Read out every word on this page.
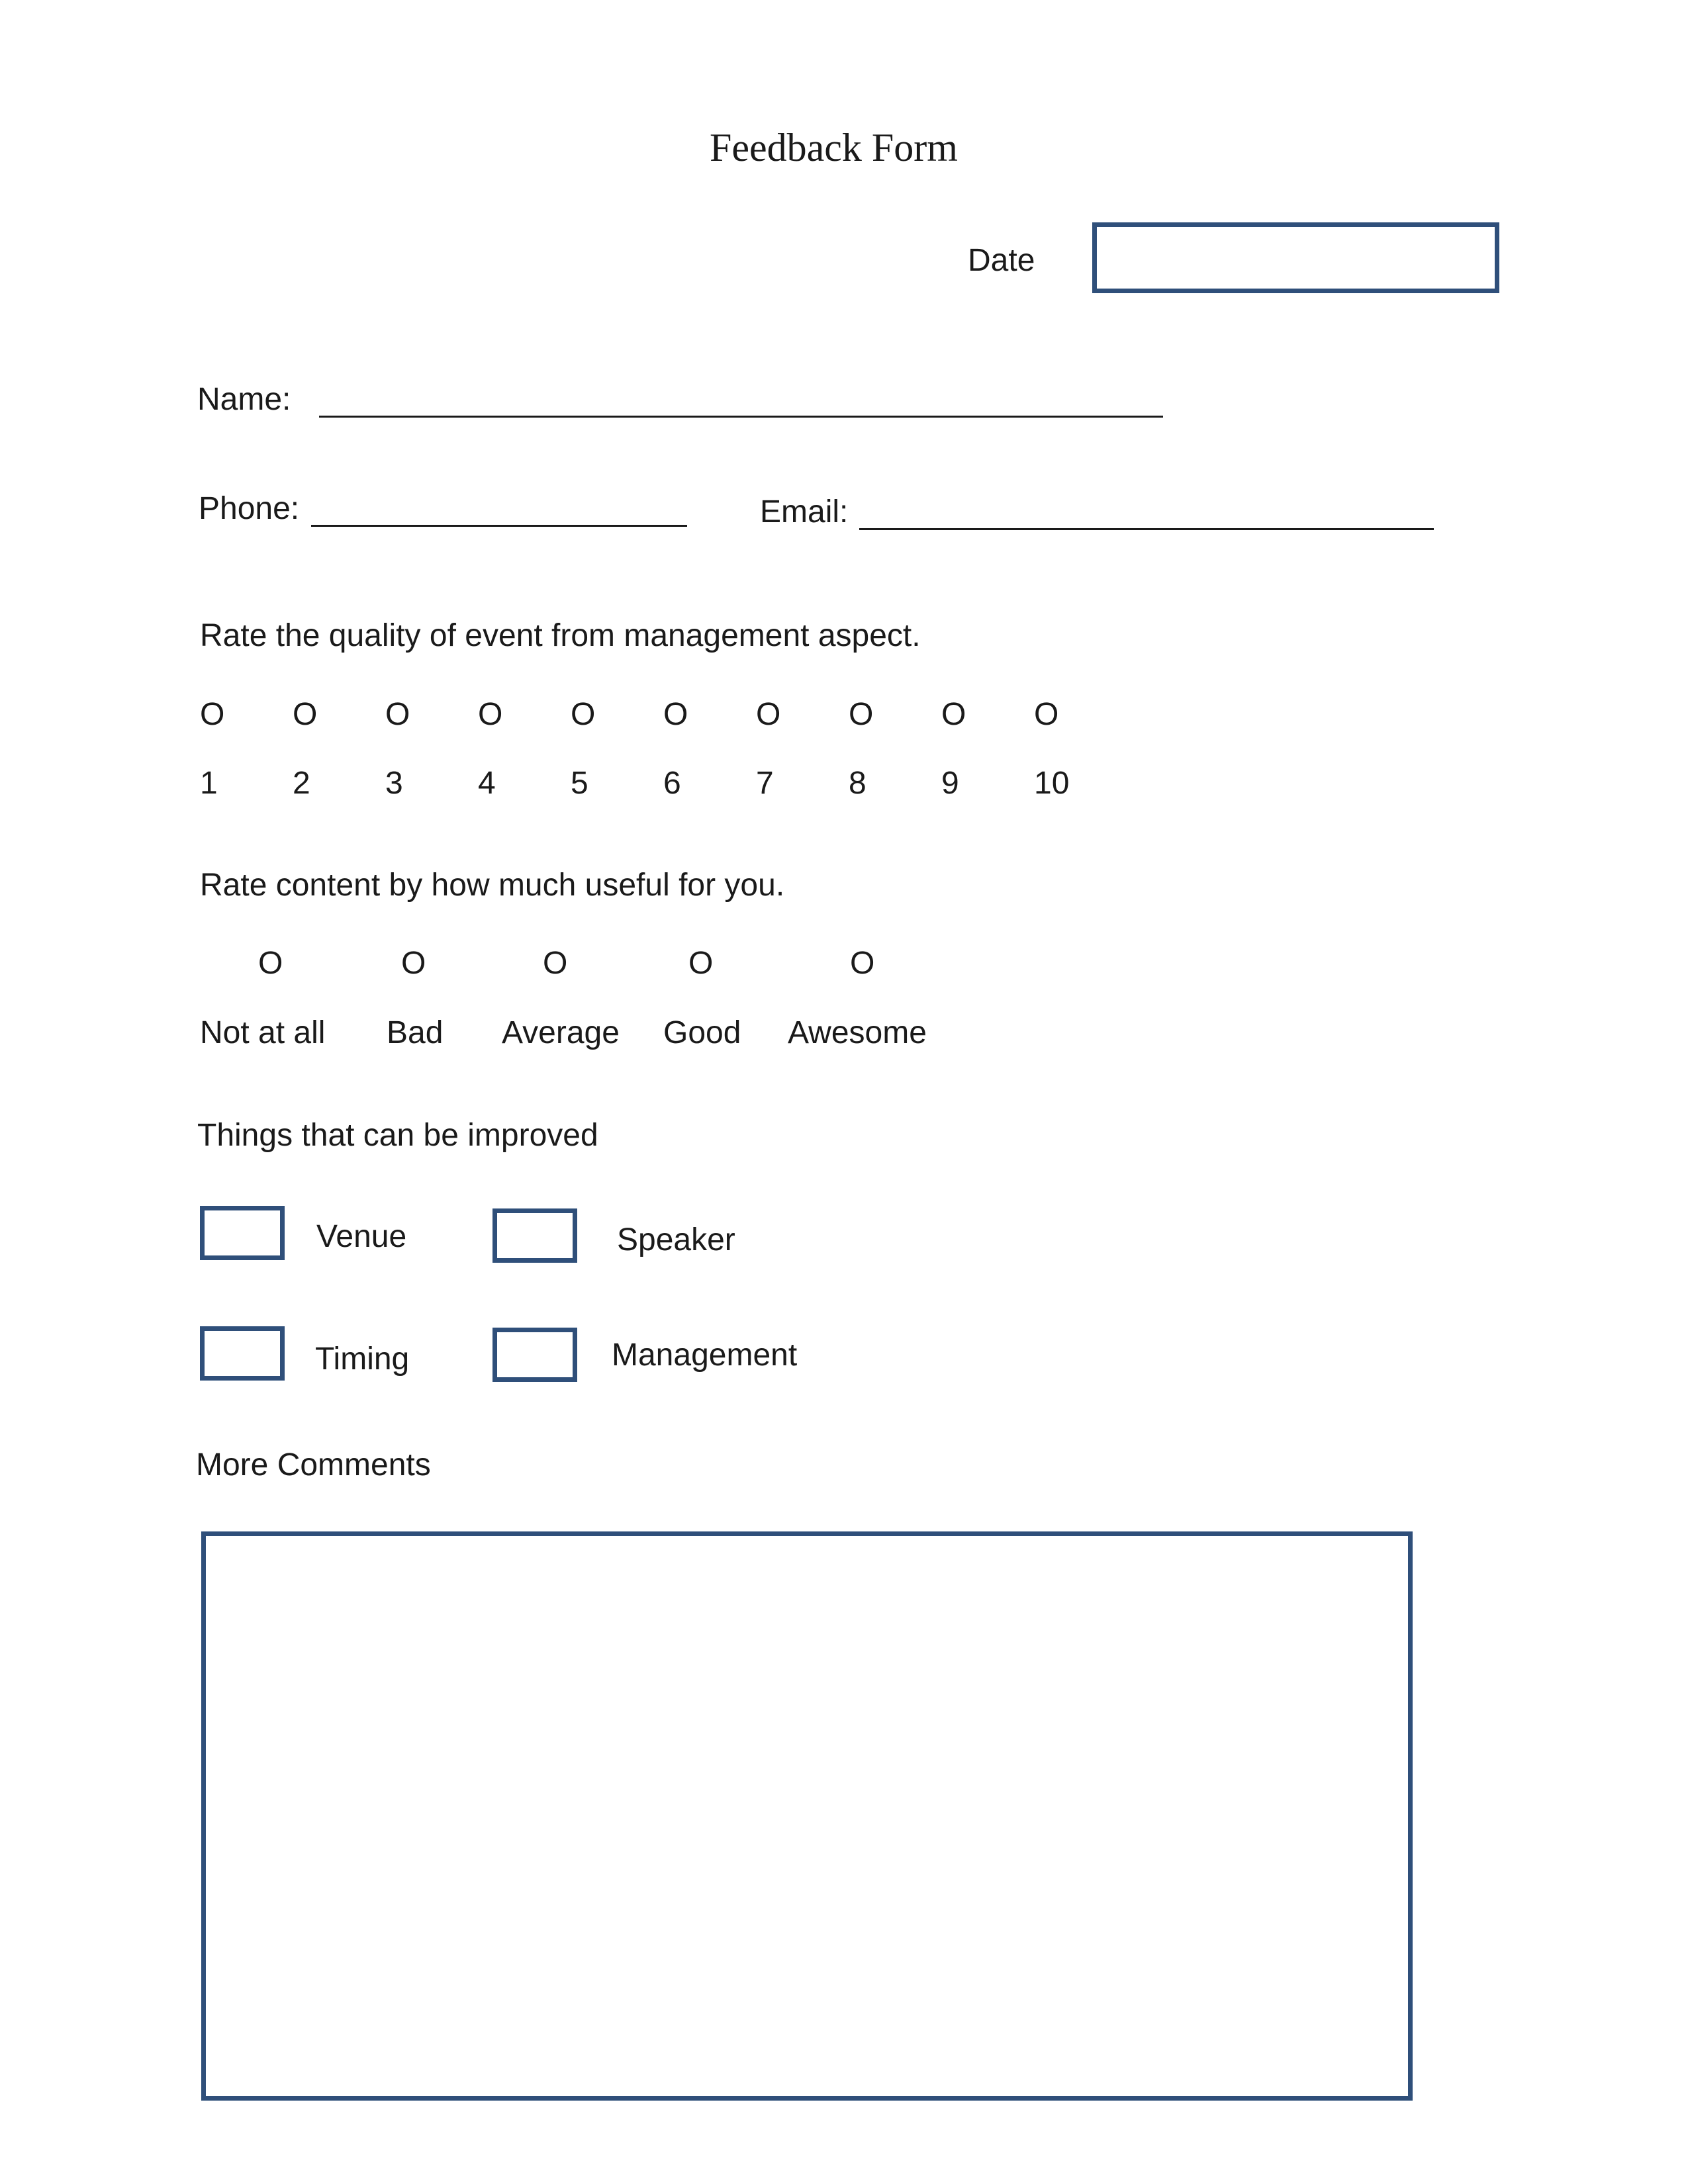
Feedback Form
Date
Name:
Phone:	Email:
Rate the quality of event from management aspect.
O O O O O O O O O O
1 2 3 4 5 6 7 8 9 10
Rate content by how much useful for you.
O	O	O	O	O
Not at all Bad Average Good Awesome
Things that can be improved
Venue	Speaker
Timing	Management
More Comments
